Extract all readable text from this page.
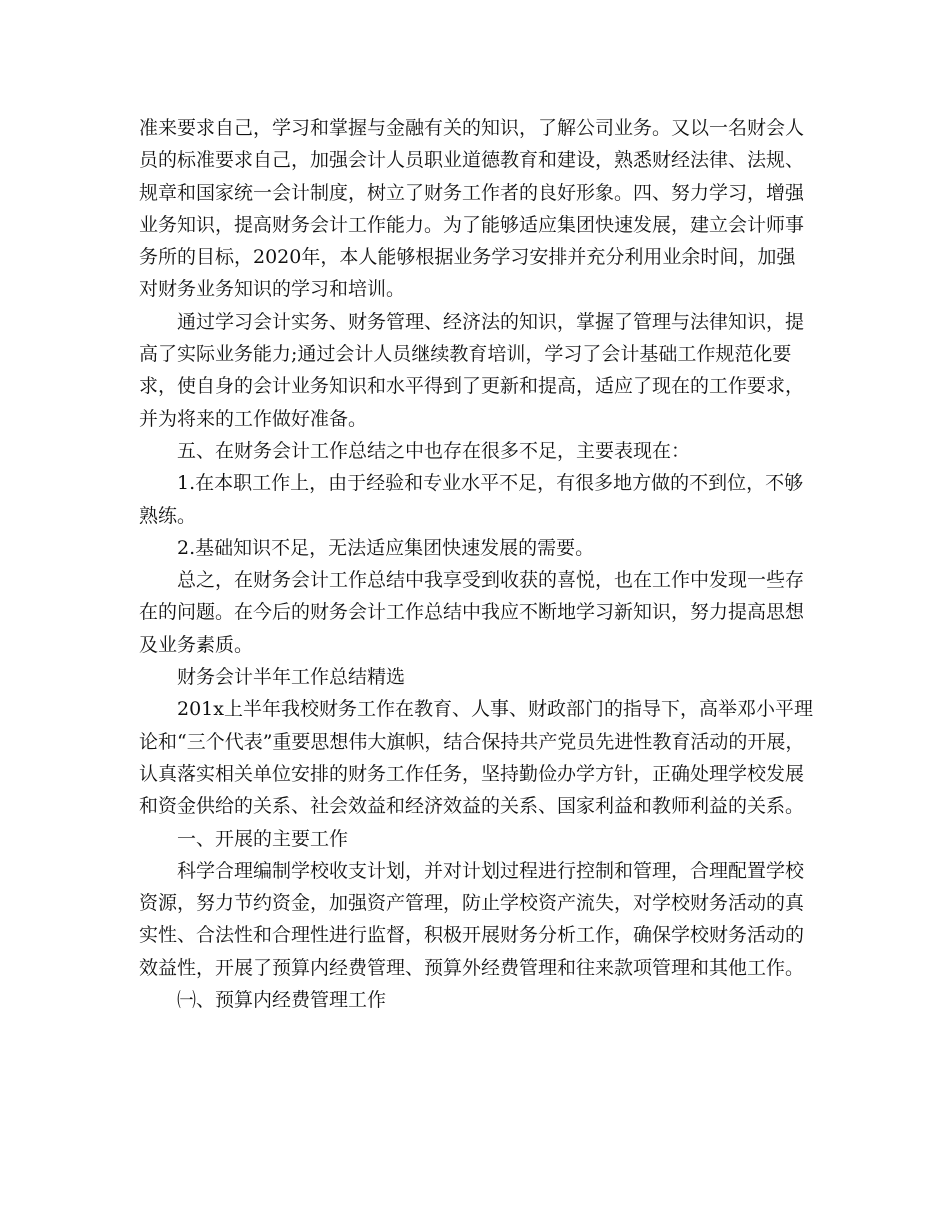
准来要求自己，学习和掌握与金融有关的知识，了解公司业务。又以一名财会人员的标准要求自己，加强会计人员职业道德教育和建设，熟悉财经法律、法规、规章和国家统一会计制度，树立了财务工作者的良好形象。四、努力学习，增强业务知识，提高财务会计工作能力。为了能够适应集团快速发展，建立会计师事务所的目标，2020年，本人能够根据业务学习安排并充分利用业余时间，加强对财务业务知识的学习和培训。

通过学习会计实务、财务管理、经济法的知识，掌握了管理与法律知识，提高了实际业务能力;通过会计人员继续教育培训，学习了会计基础工作规范化要求，使自身的会计业务知识和水平得到了更新和提高，适应了现在的工作要求，并为将来的工作做好准备。

五、在财务会计工作总结之中也存在很多不足，主要表现在：

1.在本职工作上，由于经验和专业水平不足，有很多地方做的不到位，不够熟练。

2.基础知识不足，无法适应集团快速发展的需要。

总之，在财务会计工作总结中我享受到收获的喜悦，也在工作中发现一些存在的问题。在今后的财务会计工作总结中我应不断地学习新知识，努力提高思想及业务素质。

财务会计半年工作总结精选

201x上半年我校财务工作在教育、人事、财政部门的指导下，高举邓小平理论和“三个代表”重要思想伟大旗帜，结合保持共产党员先进性教育活动的开展，认真落实相关单位安排的财务工作任务，坚持勤俭办学方针，正确处理学校发展和资金供给的关系、社会效益和经济效益的关系、国家利益和教师利益的关系。

一、开展的主要工作

科学合理编制学校收支计划，并对计划过程进行控制和管理，合理配置学校资源，努力节约资金，加强资产管理，防止学校资产流失，对学校财务活动的真实性、合法性和合理性进行监督，积极开展财务分析工作，确保学校财务活动的效益性，开展了预算内经费管理、预算外经费管理和往来款项管理和其他工作。

㈠、预算内经费管理工作
